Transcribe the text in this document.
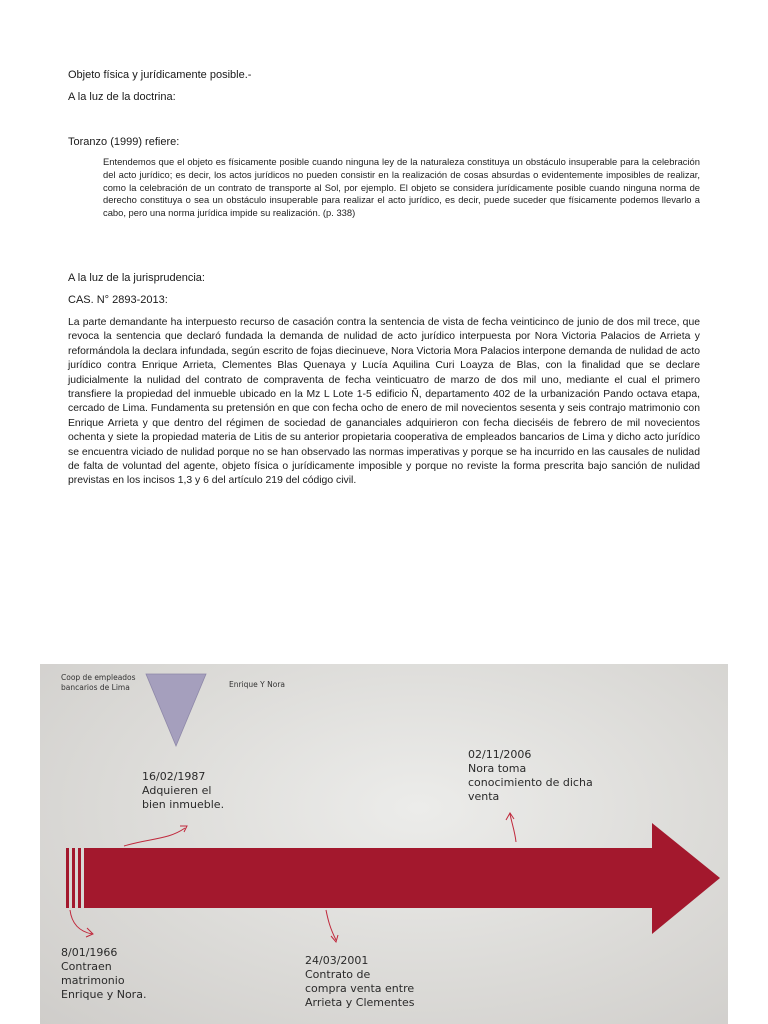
Objeto física y jurídicamente posible.-
A la luz de la doctrina:
Toranzo (1999) refiere:

Entendemos que el objeto es físicamente posible cuando ninguna ley de la naturaleza constituya un obstáculo insuperable para la celebración del acto jurídico; es decir, los actos jurídicos no pueden consistir en la realización de cosas absurdas o evidentemente imposibles de realizar, como la celebración de un contrato de transporte al Sol, por ejemplo. El objeto se considera jurídicamente posible cuando ninguna norma de derecho constituya o sea un obstáculo insuperable para realizar el acto jurídico, es decir, puede suceder que físicamente podemos llevarlo a cabo, pero una norma jurídica impide su realización. (p. 338)

A la luz de la jurisprudencia:
CAS. N° 2893-2013:

La parte demandante ha interpuesto recurso de casación contra la sentencia de vista de fecha veinticinco de junio de dos mil trece, que revoca la sentencia que declaró fundada la demanda de nulidad de acto jurídico interpuesta por Nora Victoria Palacios de Arrieta y reformándola la declara infundada, según escrito de fojas diecinueve, Nora Victoria Mora Palacios interpone demanda de nulidad de acto jurídico contra Enrique Arrieta, Clementes Blas Quenaya y Lucía Aquilina Curi Loayza de Blas, con la finalidad que se declare judicialmente la nulidad del contrato de compraventa de fecha veinticuatro de marzo de dos mil uno, mediante el cual el primero transfiere la propiedad del inmueble ubicado en la Mz L Lote 1-5 edificio Ñ, departamento 402 de la urbanización Pando octava etapa, cercado de Lima. Fundamenta su pretensión en que con fecha ocho de enero de mil novecientos sesenta y seis contrajo matrimonio con Enrique Arrieta y que dentro del régimen de sociedad de gananciales adquirieron con fecha dieciséis de febrero de mil novecientos ochenta y siete la propiedad materia de Litis de su anterior propietaria cooperativa de empleados bancarios de Lima y dicho acto jurídico se encuentra viciado de nulidad porque no se han observado las normas imperativas y porque se ha incurrido en las causales de nulidad de falta de voluntad del agente, objeto física o jurídicamente imposible y porque no reviste la forma prescrita bajo sanción de nulidad previstas en los incisos 1,3 y 6 del artículo 219 del código civil.

Coop de empleados
bancarios de Lima	Enrique Y Nora
16/02/1987
Adquieren el
bien inmueble.
02/11/2006
Nora toma
conocimiento de dicha
venta
8/01/1966
Contraen
matrimonio
Enrique y Nora.
24/03/2001
Contrato de
compra venta entre
Arrieta y Clementes
